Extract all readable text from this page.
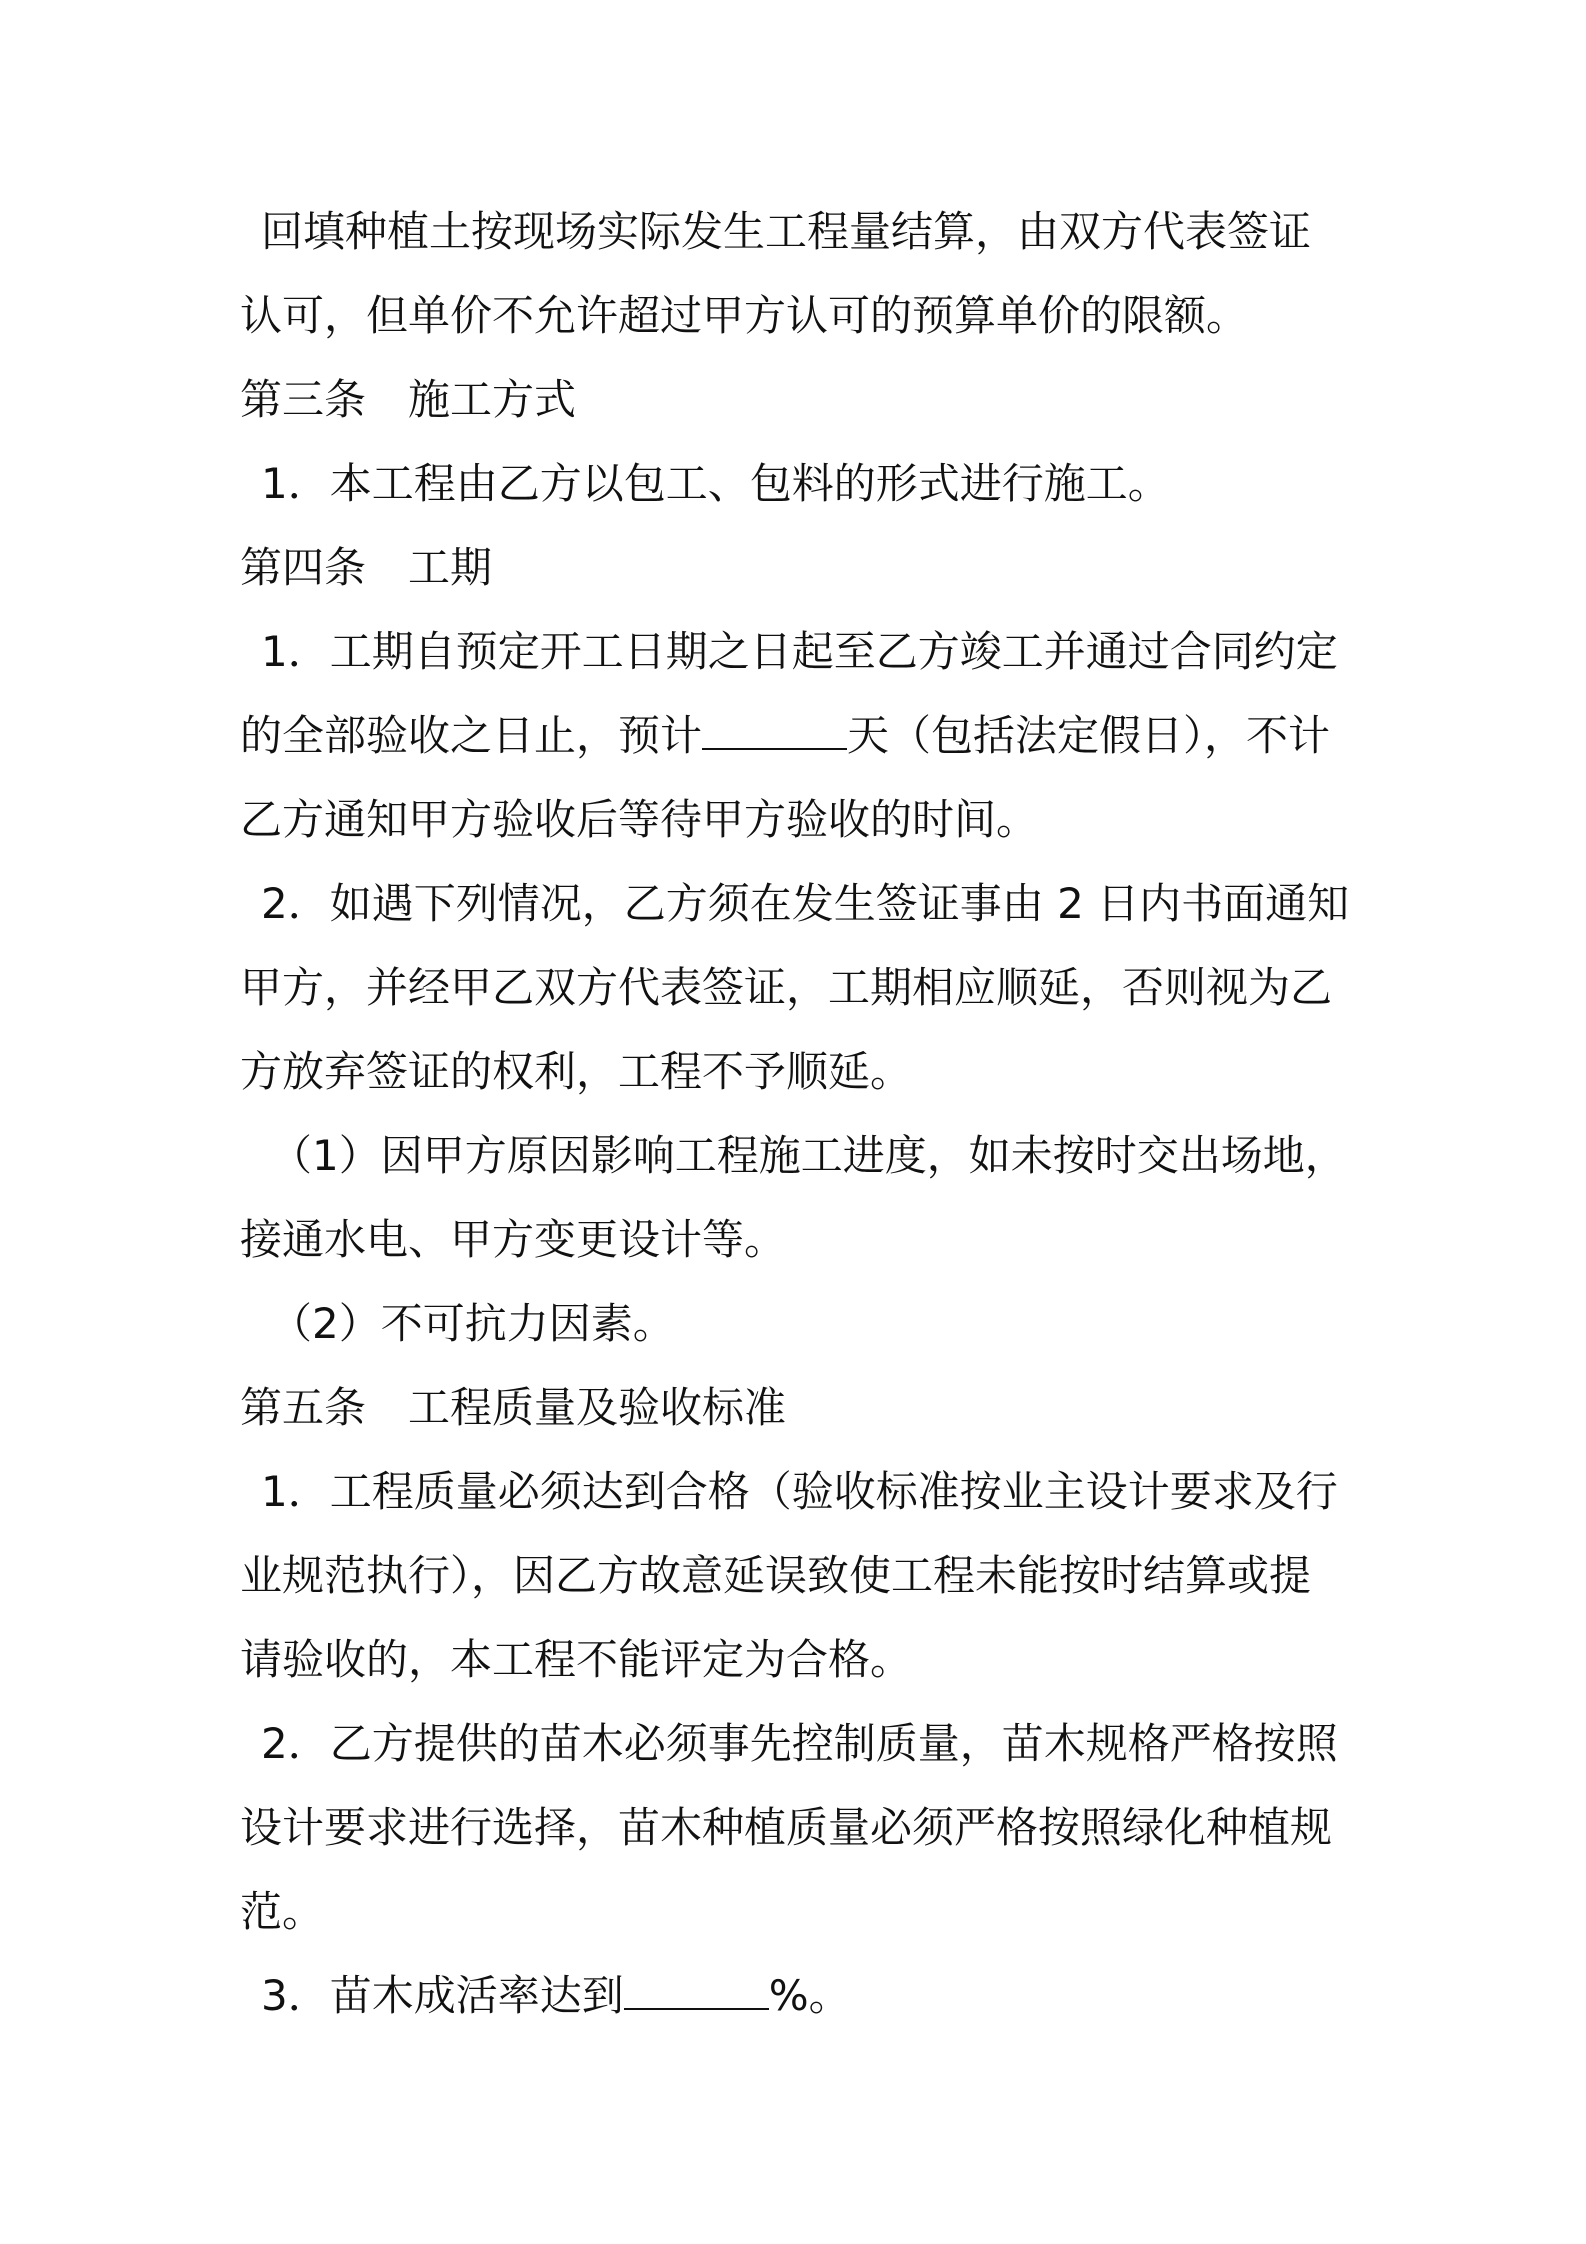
回填种植土按现场实际发生工程量结算，由双方代表签证
认可，但单价不允许超过甲方认可的预算单价的限额。
第三条　施工方式
1．本工程由乙方以包工、包料的形式进行施工。
第四条　工期
1．工期自预定开工日期之日起至乙方竣工并通过合同约定
的全部验收之日止，预计	天（包括法定假日），不计
乙方通知甲方验收后等待甲方验收的时间。
2．如遇下列情况，乙方须在发生签证事由 2 日内书面通知
甲方，并经甲乙双方代表签证，工期相应顺延，否则视为乙
方放弃签证的权利，工程不予顺延。
（1）因甲方原因影响工程施工进度，如未按时交出场地，
接通水电、甲方变更设计等。
（2）不可抗力因素。
第五条　工程质量及验收标准
1．工程质量必须达到合格（验收标准按业主设计要求及行
业规范执行），因乙方故意延误致使工程未能按时结算或提
请验收的，本工程不能评定为合格。
2．乙方提供的苗木必须事先控制质量，苗木规格严格按照
设计要求进行选择，苗木种植质量必须严格按照绿化种植规
范。
3．苗木成活率达到	%。
